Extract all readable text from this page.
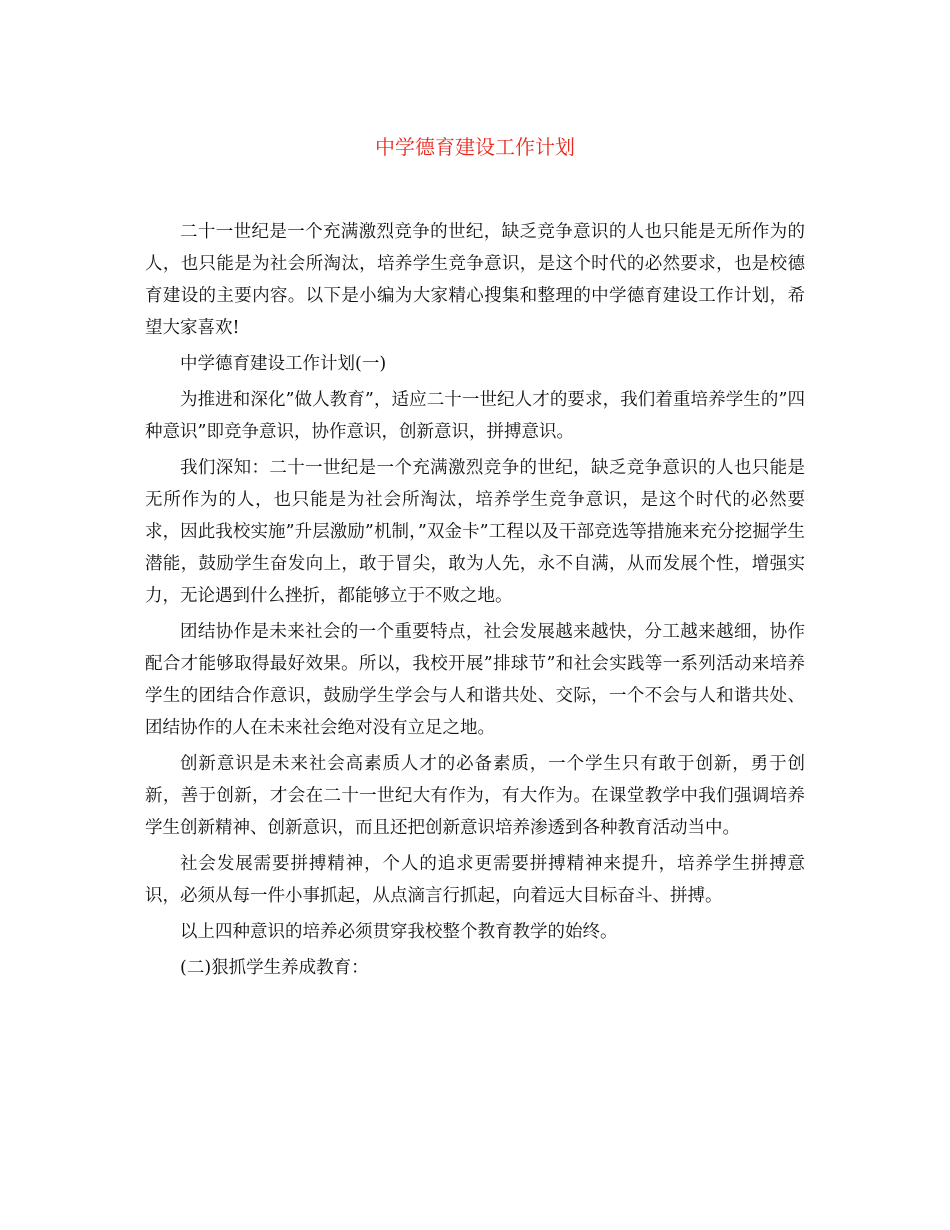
中学德育建设工作计划

二十一世纪是一个充满激烈竞争的世纪，缺乏竞争意识的人也只能是无所作为的人，也只能是为社会所淘汰，培养学生竞争意识，是这个时代的必然要求，也是校德育建设的主要内容。以下是小编为大家精心搜集和整理的中学德育建设工作计划，希望大家喜欢!

中学德育建设工作计划(一)

为推进和深化”做人教育”，适应二十一世纪人才的要求，我们着重培养学生的”四种意识”即竞争意识，协作意识，创新意识，拼搏意识。

我们深知：二十一世纪是一个充满激烈竞争的世纪，缺乏竞争意识的人也只能是无所作为的人，也只能是为社会所淘汰，培养学生竞争意识，是这个时代的必然要求，因此我校实施”升层激励”机制，”双金卡”工程以及干部竞选等措施来充分挖掘学生潜能，鼓励学生奋发向上，敢于冒尖，敢为人先，永不自满，从而发展个性，增强实力，无论遇到什么挫折，都能够立于不败之地。

团结协作是未来社会的一个重要特点，社会发展越来越快，分工越来越细，协作配合才能够取得最好效果。所以，我校开展”排球节”和社会实践等一系列活动来培养学生的团结合作意识，鼓励学生学会与人和谐共处、交际，一个不会与人和谐共处、团结协作的人在未来社会绝对没有立足之地。

创新意识是未来社会高素质人才的必备素质，一个学生只有敢于创新，勇于创新，善于创新，才会在二十一世纪大有作为，有大作为。在课堂教学中我们强调培养学生创新精神、创新意识，而且还把创新意识培养渗透到各种教育活动当中。

社会发展需要拼搏精神，个人的追求更需要拼搏精神来提升，培养学生拼搏意识，必须从每一件小事抓起，从点滴言行抓起，向着远大目标奋斗、拼搏。

以上四种意识的培养必须贯穿我校整个教育教学的始终。

(二)狠抓学生养成教育：
